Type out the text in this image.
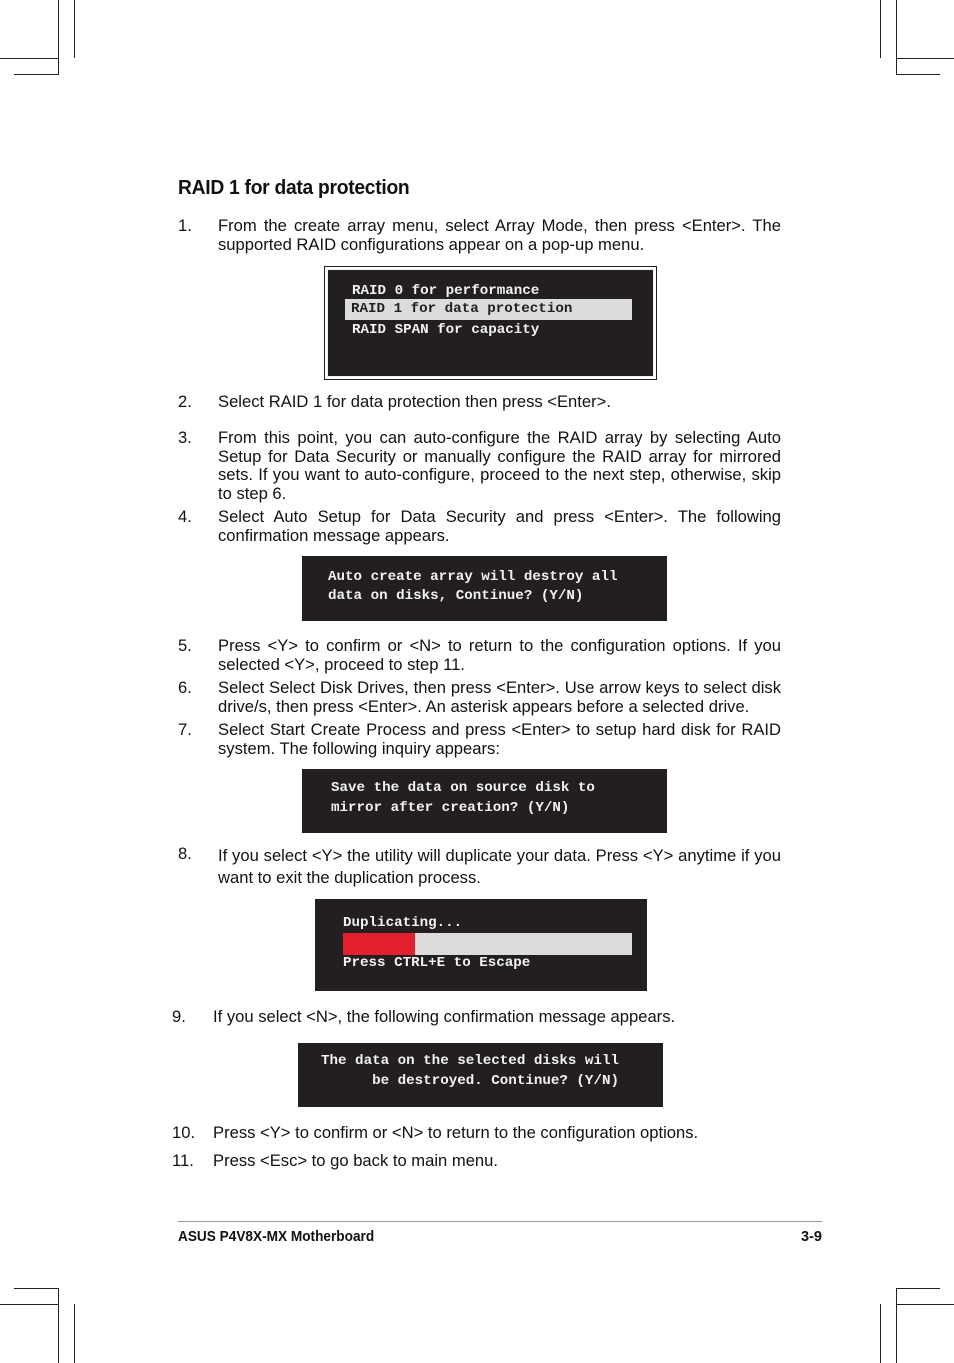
RAID 1 for data protection
1. From the create array menu, select Array Mode, then press <Enter>. The supported RAID configurations appear on a pop-up menu.
RAID 0 for performance
RAID 1 for data protection
RAID SPAN for capacity
2. Select RAID 1 for data protection then press <Enter>.
3. From this point, you can auto-configure the RAID array by selecting Auto Setup for Data Security or manually configure the RAID array for mirrored sets. If you want to auto-configure, proceed to the next step, otherwise, skip to step 6.
4. Select Auto Setup for Data Security and press <Enter>. The following confirmation message appears.

Auto create array will destroy all

data on disks, Continue? (Y/N)

5. Press <Y> to confirm or <N> to return to the configuration options. If you selected <Y>, proceed to step 11.
6. Select Select Disk Drives, then press <Enter>. Use arrow keys to select disk drive/s, then press <Enter>. An asterisk appears before a selected drive.
7. Select Start Create Process and press <Enter> to setup hard disk for RAID system. The following inquiry appears:

Save the data on source disk to

mirror after creation? (Y/N)

8. If you select <Y> the utility will duplicate your data. Press <Y> anytime if you want to exit the duplication process.

Duplicating...

Press CTRL+E to Escape

9. If you select <N>, the following confirmation message appears.

The data on the selected disks will

be destroyed. Continue? (Y/N)

10. Press <Y> to confirm or <N> to return to the configuration options.
11. Press <Esc> to go back to main menu.
ASUS P4V8X-MX Motherboard	3-9
